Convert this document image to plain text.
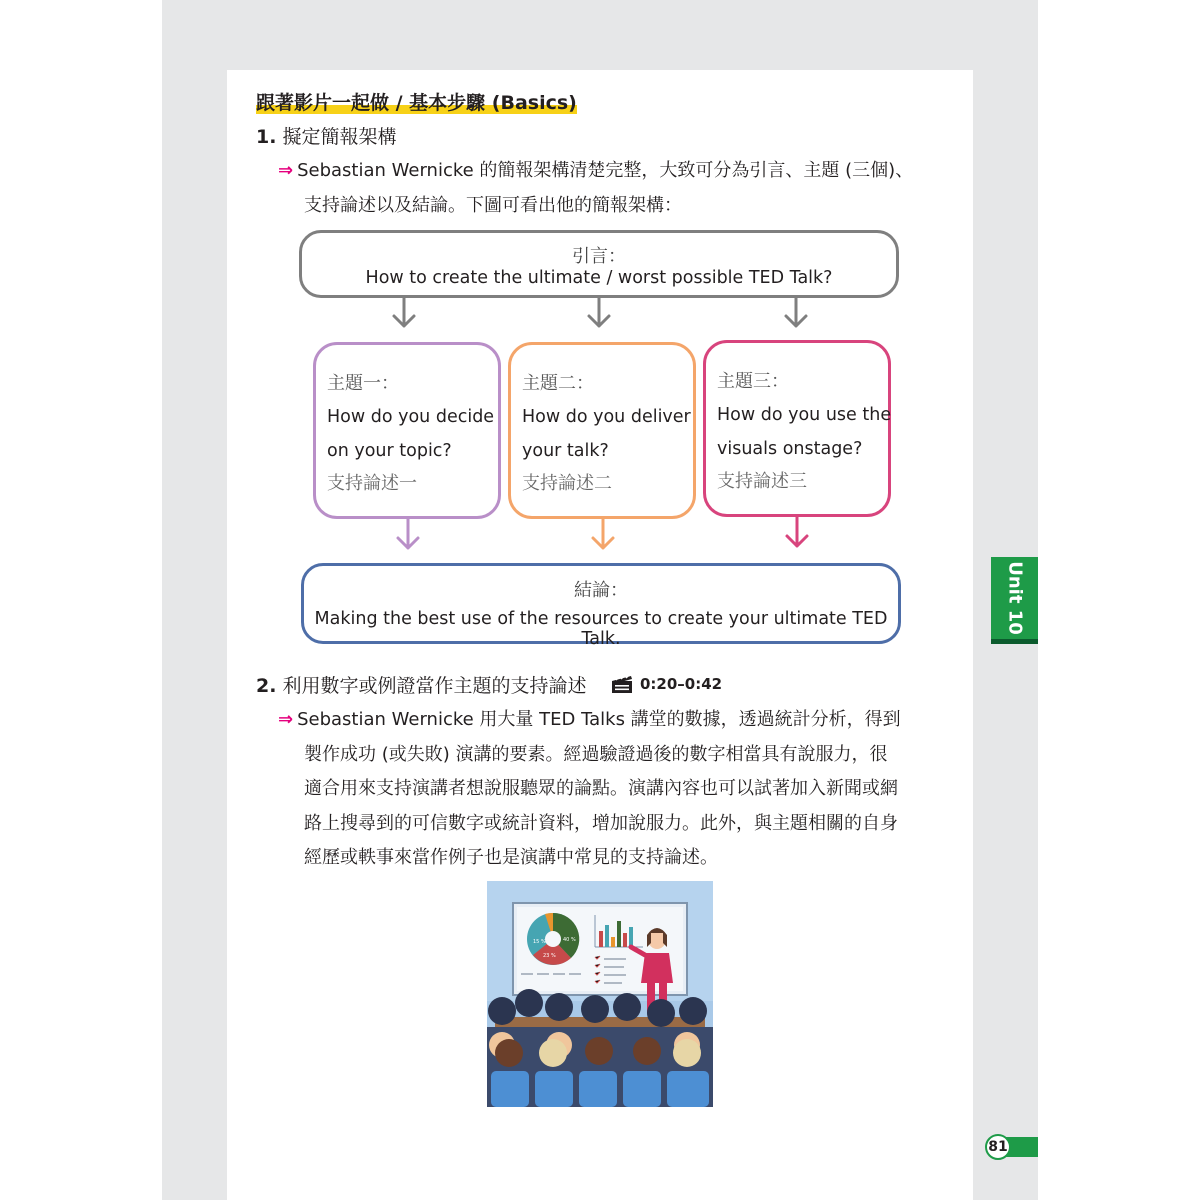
跟著影片一起做 / 基本步驟 (Basics)
1. 擬定簡報架構
⇒ Sebastian Wernicke 的簡報架構清楚完整，大致可分為引言、主題 (三個)、
支持論述以及結論。下圖可看出他的簡報架構：
引言：
How to create the ultimate / worst possible TED Talk?
主題一：
How do you decide on your topic?
支持論述一
主題二：
How do you deliver your talk?
支持論述二
主題三：
How do you use the visuals onstage?
支持論述三
結論：
Making the best use of the resources to create your ultimate TED Talk.
2. 利用數字或例證當作主題的支持論述	0:20–0:42
⇒ Sebastian Wernicke 用大量 TED Talks 講堂的數據，透過統計分析，得到
製作成功 (或失敗) 演講的要素。經過驗證過後的數字相當具有說服力，很
適合用來支持演講者想說服聽眾的論點。演講內容也可以試著加入新聞或網
路上搜尋到的可信數字或統計資料，增加說服力。此外，與主題相關的自身
經歷或軼事來當作例子也是演講中常見的支持論述。
15 %	40 %
23 %
Unit 10
81
